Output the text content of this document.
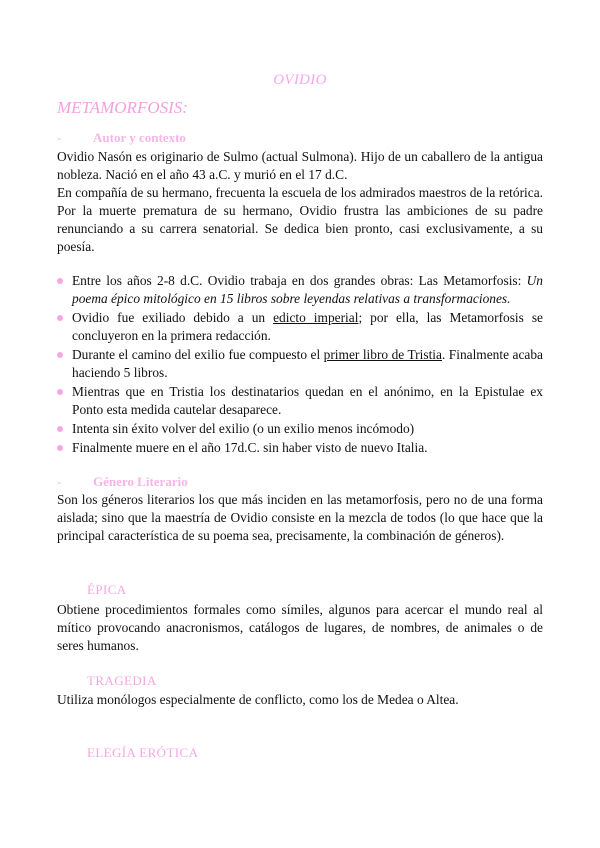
OVIDIO
METAMORFOSIS:
- Autor y contexto

Ovidio Nasón es originario de Sulmo (actual Sulmona). Hijo de un caballero de la antigua nobleza. Nació en el año 43 a.C. y murió en el 17 d.C.

En compañía de su hermano, frecuenta la escuela de los admirados maestros de la retórica. Por la muerte prematura de su hermano, Ovidio frustra las ambiciones de su padre renunciando a su carrera senatorial. Se dedica bien pronto, casi exclusivamente, a su poesía.

Entre los años 2-8 d.C. Ovidio trabaja en dos grandes obras: Las Metamorfosis: Un poema épico mitológico en 15 libros sobre leyendas relativas a transformaciones.
Ovidio fue exiliado debido a un edicto imperial; por ella, las Metamorfosis se concluyeron en la primera redacción.
Durante el camino del exilio fue compuesto el primer libro de Tristia. Finalmente acaba haciendo 5 libros.
Mientras que en Tristia los destinatarios quedan en el anónimo, en la Epistulae ex Ponto esta medida cautelar desaparece.
Intenta sin éxito volver del exilio (o un exilio menos incómodo)
Finalmente muere en el año 17d.C. sin haber visto de nuevo Italia.
- Género Literario

Son los géneros literarios los que más inciden en las metamorfosis, pero no de una forma aislada; sino que la maestría de Ovidio consiste en la mezcla de todos (lo que hace que la principal característica de su poema sea, precisamente, la combinación de géneros).

ÉPICA

Obtiene procedimientos formales como símiles, algunos para acercar el mundo real al mítico provocando anacronismos, catálogos de lugares, de nombres, de animales o de seres humanos.

TRAGEDIA

Utiliza monólogos especialmente de conflicto, como los de Medea o Altea.

ELEGÍA ERÓTICA
